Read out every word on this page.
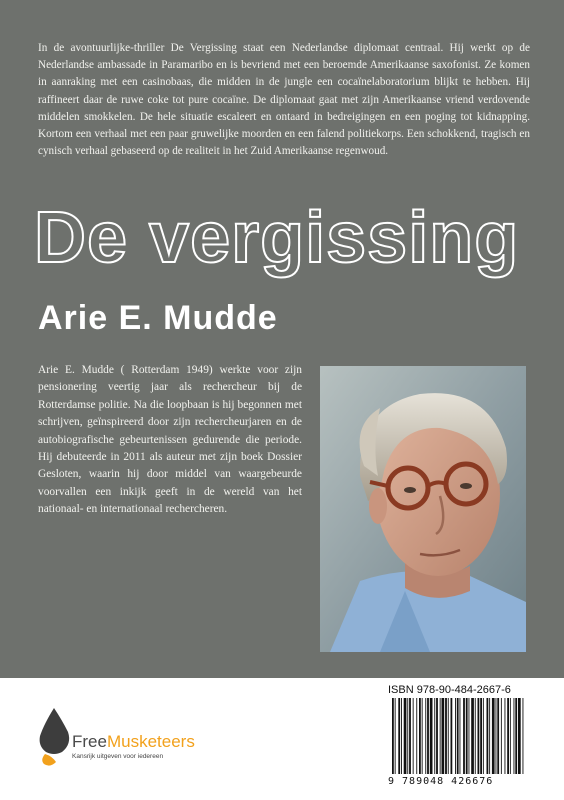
In de avontuurlijke-thriller De Vergissing staat een Nederlandse diplomaat centraal. Hij werkt op de Nederlandse ambassade in Paramaribo en is bevriend met een beroemde Amerikaanse saxofonist. Ze komen in aanraking met een casinobaas, die midden in de jungle een cocaïnelaboratorium blijkt te hebben. Hij raffineert daar de ruwe coke tot pure cocaïne. De diplomaat gaat met zijn Amerikaanse vriend verdovende middelen smokkelen. De hele situatie escaleert en ontaard in bedreigingen en een poging tot kidnapping. Kortom een verhaal met een paar gruwelijke moorden en een falend politiekorps. Een schokkend, tragisch en cynisch verhaal gebaseerd op de realiteit in het Zuid Amerikaanse regenwoud.

De vergissing
Arie E. Mudde

Arie E. Mudde ( Rotterdam 1949) werkte voor zijn pensionering veertig jaar als rechercheur bij de Rotterdamse politie. Na die loopbaan is hij begonnen met schrijven, geïnspireerd door zijn rechercheurjaren en de autobiografische gebeurtenissen gedurende die periode. Hij debuteerde in 2011 als auteur met zijn boek Dossier Gesloten, waarin hij door middel van waargebeurde voorvallen een inkijk geeft in de wereld van het nationaal- en internationaal rechercheren.

FreeMusketeers

Kansrijk uitgeven voor iedereen

ISBN 978-90-484-2667-6

9 789048 426676
